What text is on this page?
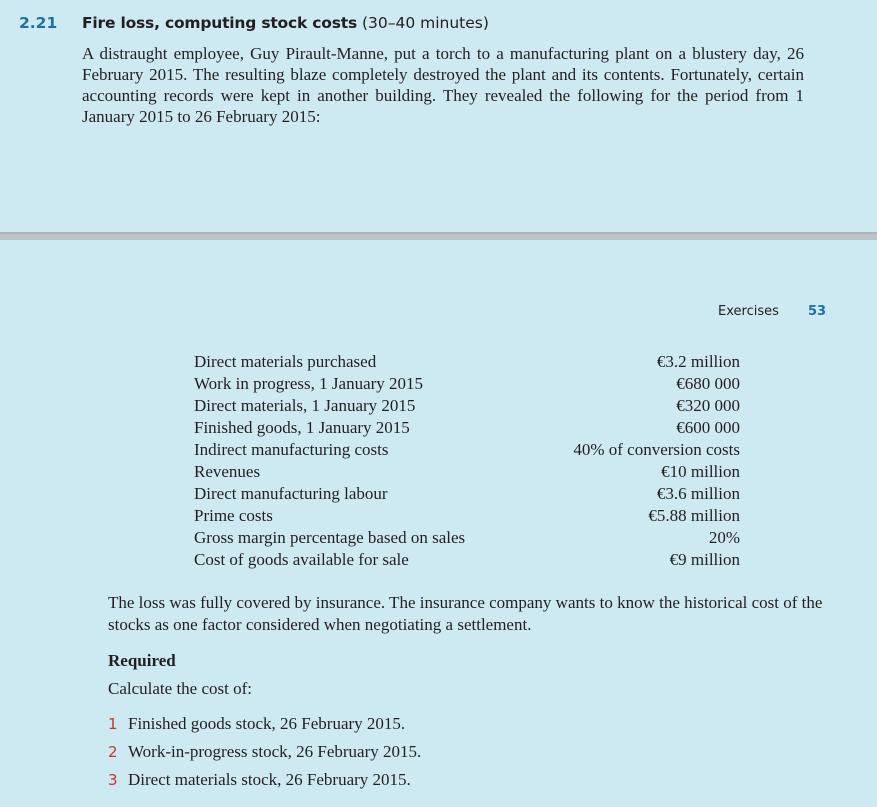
2.21 Fire loss, computing stock costs (30–40 minutes)

A distraught employee, Guy Pirault-Manne, put a torch to a manufacturing plant on a blustery day, 26 February 2015. The resulting blaze completely destroyed the plant and its contents. Fortunately, certain accounting records were kept in another building. They revealed the following for the period from 1 January 2015 to 26 February 2015:

Exercises 53
Direct materials purchased	€3.2 million
Work in progress, 1 January 2015	€680 000
Direct materials, 1 January 2015	€320 000
Finished goods, 1 January 2015	€600 000
Indirect manufacturing costs	40% of conversion costs
Revenues	€10 million
Direct manufacturing labour	€3.6 million
Prime costs	€5.88 million
Gross margin percentage based on sales	20%
Cost of goods available for sale	€9 million

The loss was fully covered by insurance. The insurance company wants to know the historical cost of the stocks as one factor considered when negotiating a settlement.

Required
Calculate the cost of:
1 Finished goods stock, 26 February 2015.
2 Work-in-progress stock, 26 February 2015.
3 Direct materials stock, 26 February 2015.
